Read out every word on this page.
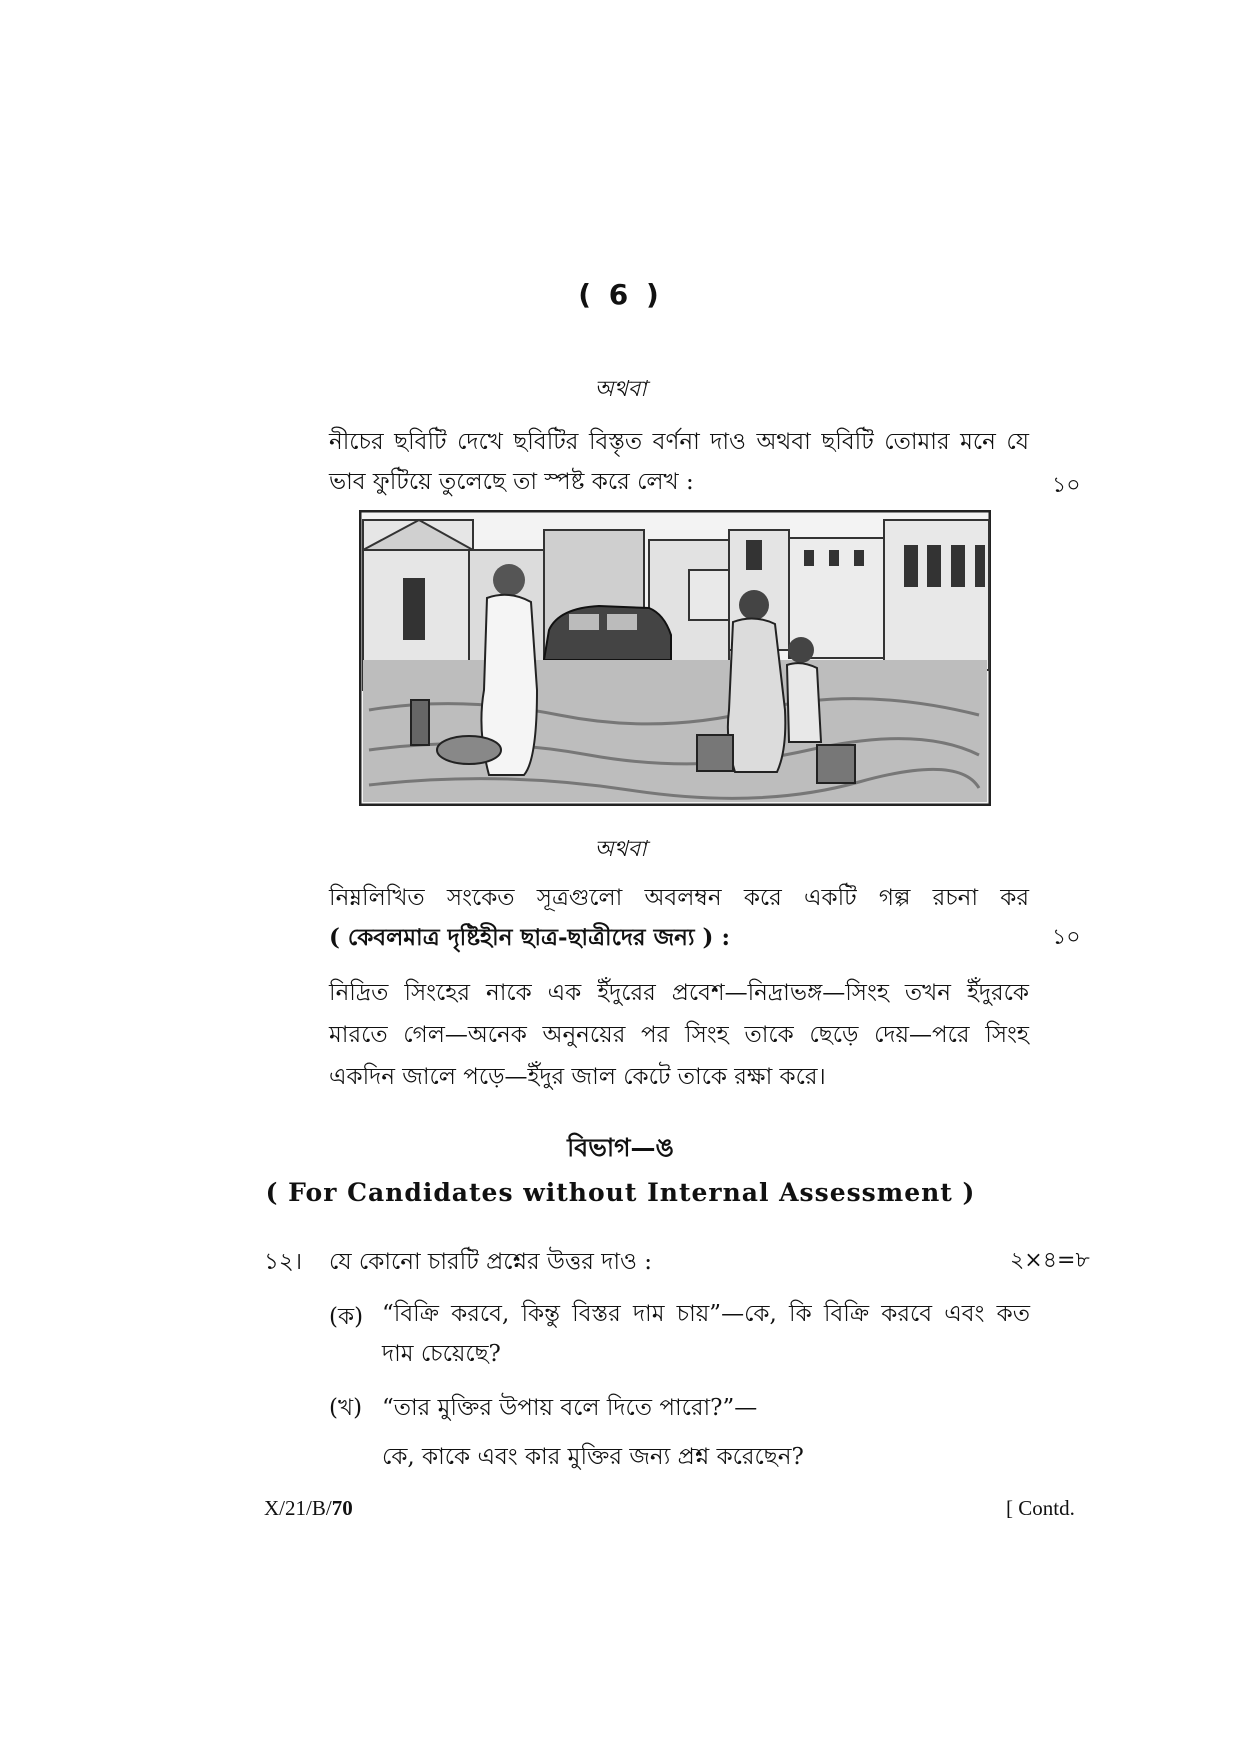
( 6 )
অথবা
নীচের ছবিটি দেখে ছবিটির বিস্তৃত বর্ণনা দাও অথবা ছবিটি তোমার মনে যে
ভাব ফুটিয়ে তুলেছে তা স্পষ্ট করে লেখ :	১০
অথবা
নিম্নলিখিত সংকেত সূত্রগুলো অবলম্বন করে একটি গল্প রচনা কর
( কেবলমাত্র দৃষ্টিহীন ছাত্র-ছাত্রীদের জন্য ) :	১০
নিদ্রিত সিংহের নাকে এক ইঁদুরের প্রবেশ—নিদ্রাভঙ্গ—সিংহ তখন ইঁদুরকে
মারতে গেল—অনেক অনুনয়ের পর সিংহ তাকে ছেড়ে দেয়—পরে সিংহ
একদিন জালে পড়ে—ইঁদুর জাল কেটে তাকে রক্ষা করে।
বিভাগ—ঙ
( For Candidates without Internal Assessment )
১২। যে কোনো চারটি প্রশ্নের উত্তর দাও :	২×৪=৮
(ক) “বিক্রি করবে, কিন্তু বিস্তর দাম চায়”—কে, কি বিক্রি করবে এবং কত
দাম চেয়েছে?
(খ) “তার মুক্তির উপায় বলে দিতে পারো?”—
কে, কাকে এবং কার মুক্তির জন্য প্রশ্ন করেছেন?
X/21/B/70	[ Contd.
